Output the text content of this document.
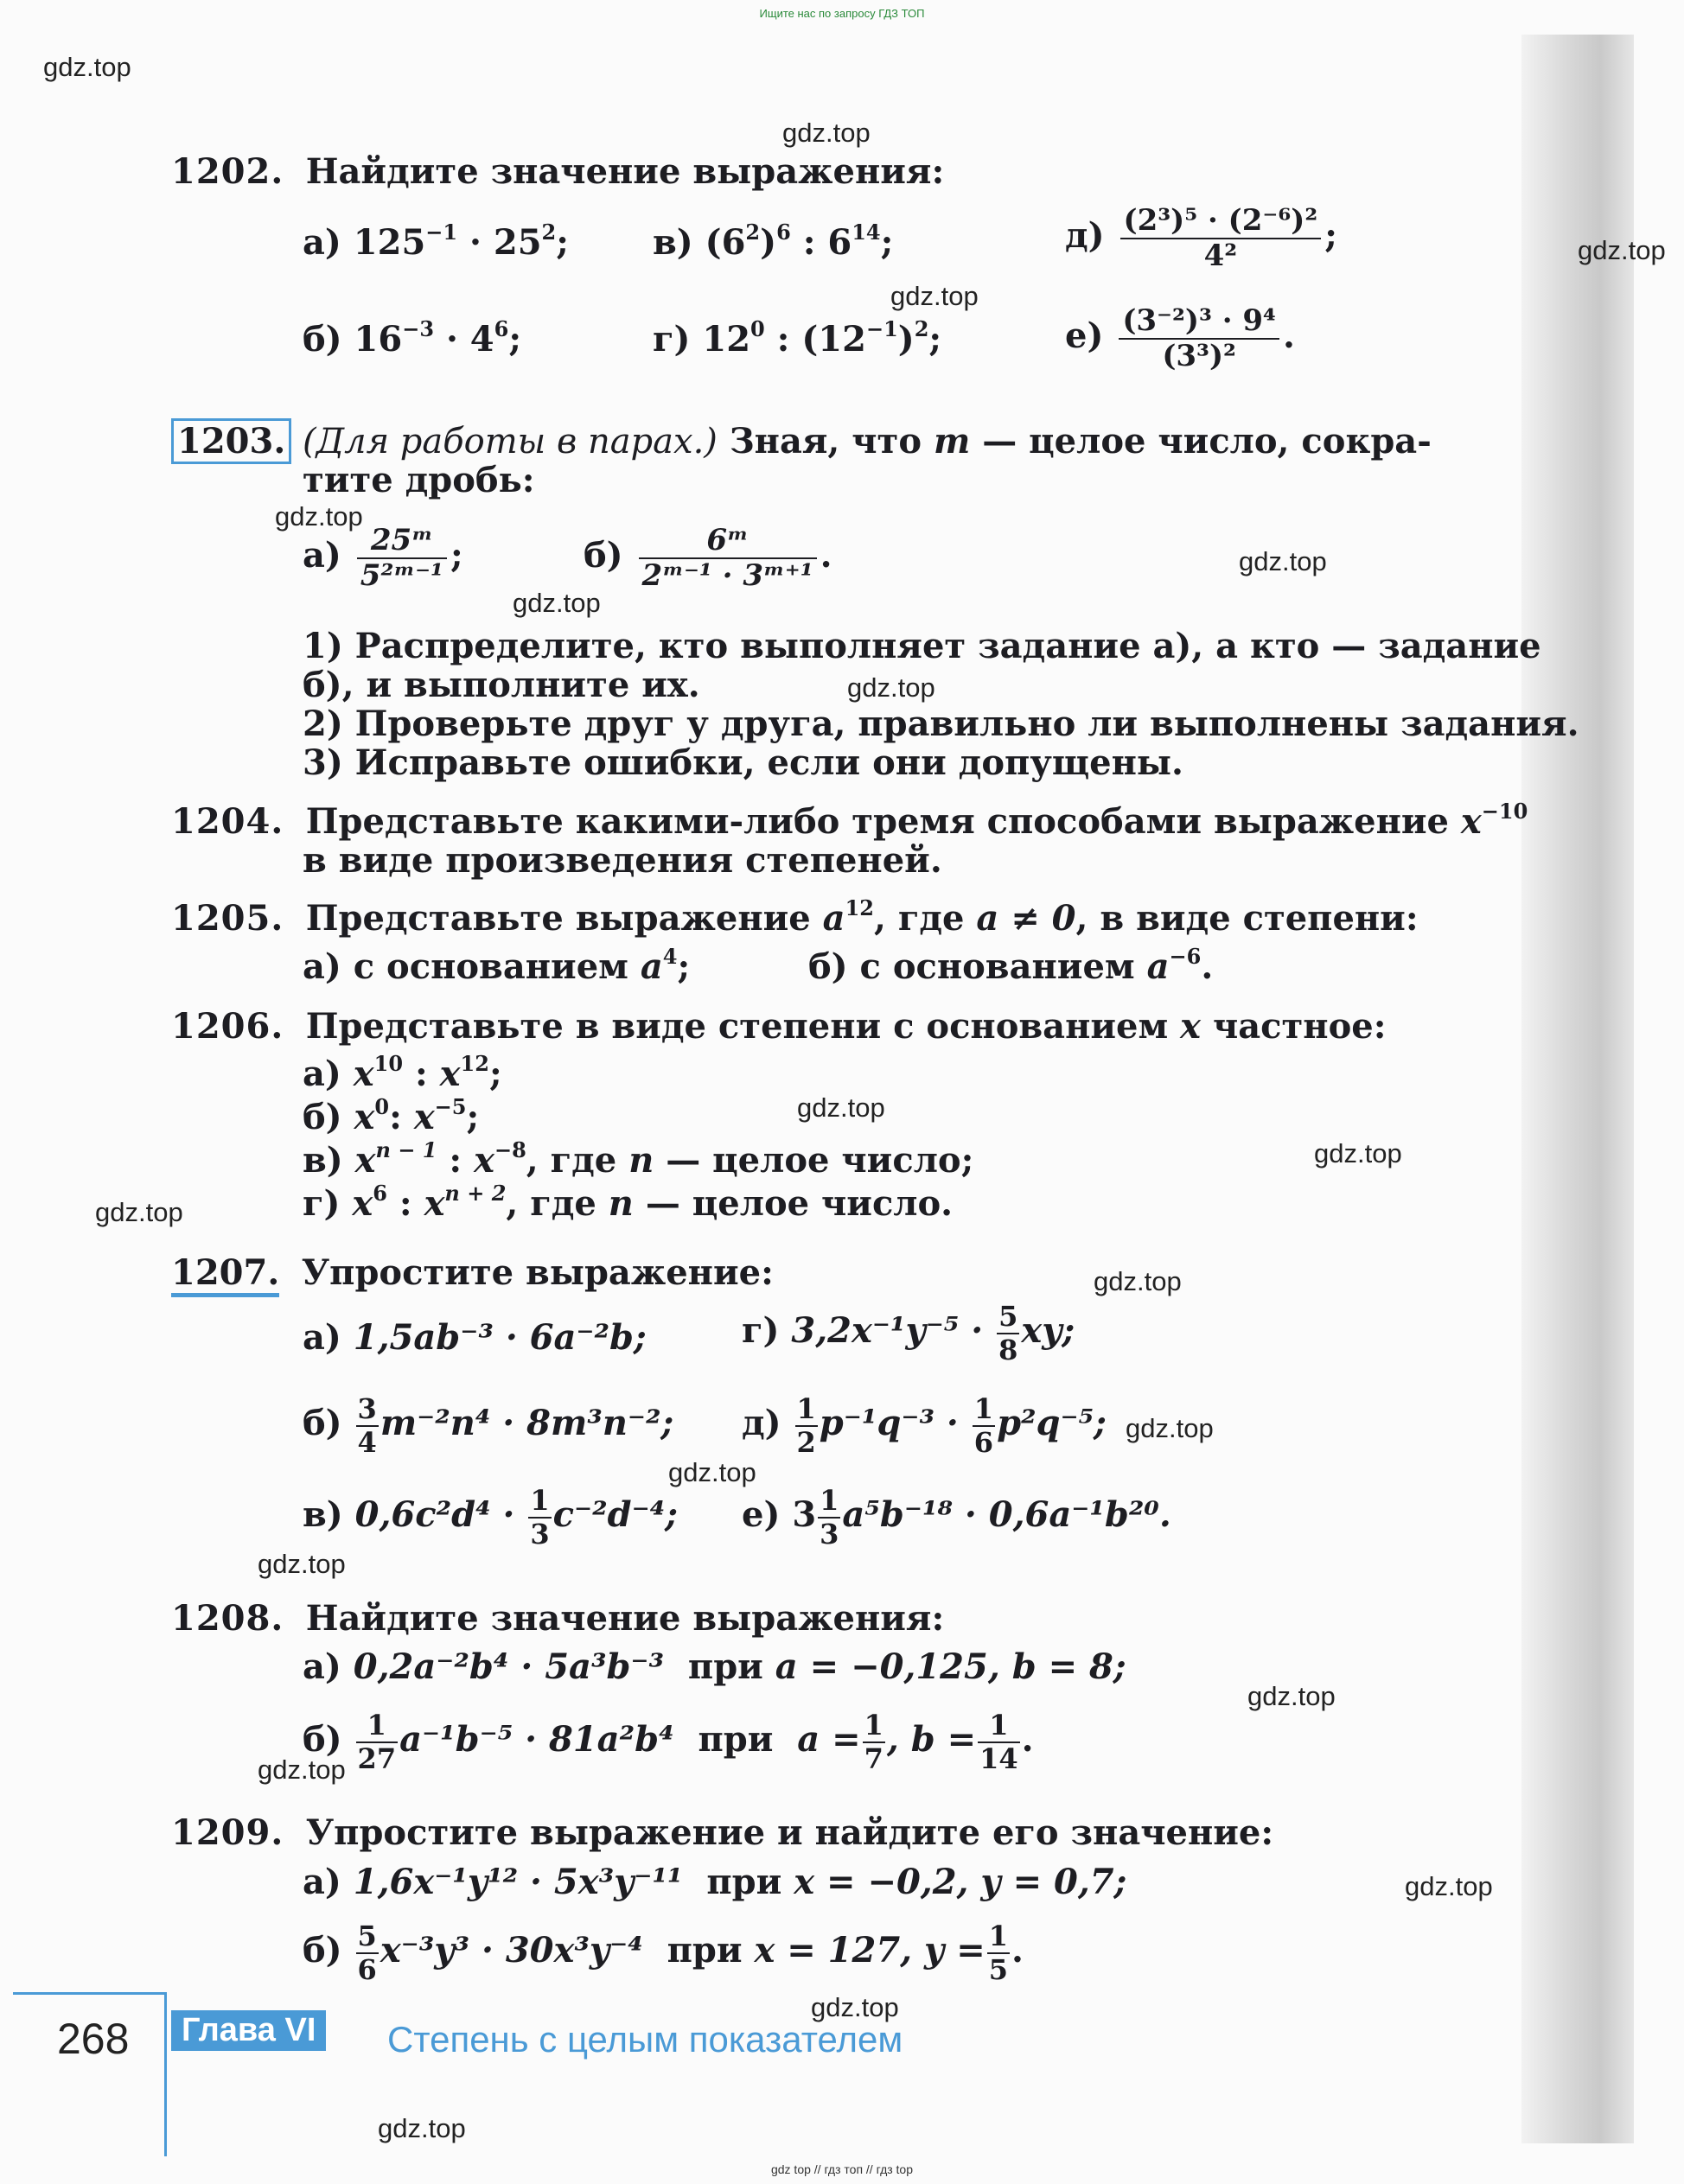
Ищите нас по запросу ГДЗ ТОП
gdz.top
gdz.top
gdz.top
gdz.top
gdz.top
gdz.top
gdz.top
gdz.top
gdz.top
gdz.top
gdz.top
gdz.top
gdz.top
gdz.top
gdz.top
gdz.top
gdz.top
gdz.top
gdz.top
gdz.top
1202. Найдите значение выражения:
а) $125^{-1} \cdot 25^2$; в) $(6^2)^6$ : $6^{14}$;	$д) \frac{\text{(2³)⁵ · (2⁻⁶)²}}{\text{4²}}$ ;
б) $16^{-3} \cdot 4^6$;	г) $12^0$ : $(12^{-1})^2$;	$е) \frac{\text{(3⁻²)³ · 9⁴}}{\text{(3³)²}}$ .
1203. (Для работы в парах.) Зная, что m — целое число, сокра-
тите дробь:
$а) \frac{\text{25ᵐ}}{\text{5²ᵐ⁻¹}}$ ;	$б) \frac{\text{6ᵐ}}{\text{2ᵐ⁻¹ · 3ᵐ⁺¹}}$ .
1) Распределите, кто выполняет задание а), а кто — задание
б), и выполните их.
2) Проверьте друг у друга, правильно ли выполнены задания.
3) Исправьте ошибки, если они допущены.
1204. Представьте какими-либо тремя способами выражение $x^{-10}$
в виде произведения степеней.
1205. Представьте выражение $a^{12}$, где a ≠ 0, в виде степени:
а) с основанием $a^4$;	б) с основанием $a^{-6}$.
1206. Представьте в виде степени с основанием x частное:
а) $x^{10}$ : $x^{12}$;
б) $x^0$: $x^{-5}$;
в) $x^{n - 1}$ : $x^{-8}$, где n — целое число;
г) $x^6$ : $x^{n + 2}$, где n — целое число.
1207. Упростите выражение:
а) 1,5ab⁻³ · 6a⁻²b;	г) $3,2x^{-1}y^{-5} \cdot \frac{5}{8}$ xy;
$б) \frac{3}{4} m^{-2}n^4 \cdot 8m^3n^{-2}$; $д) \frac{1}{2} p^{-1}q^{-3} \cdot \frac{1}{6} p^2q^{-5}$;
в) $0,6c^2d^4 \cdot \frac{1}{3} c^{-2}d^{-4}$; е) $3 \frac{1}{3} a^5b^{-18} \cdot 0,6a^{-1}b^{20}$.
1208. Найдите значение выражения:
а) 0,2a⁻²b⁴ · 5a³b⁻³ при a = −0,125, b = 8;
$б) \frac{1}{27} a^{-1}b^{-5} \cdot 81a^2b^4$ при $a = \frac{1}{7}$ , $b = \frac{1}{14}$ .
1209. Упростите выражение и найдите его значение:
а) 1,6x⁻¹y¹² · 5x³y⁻¹¹ при x = −0,2, y = 0,7;
$б) \frac{5}{6} x^{-3}y^3 \cdot 30x^3y^{-4}$ при x = 127, $y = \frac{1}{5}$ .
268	Глава VI Степень с целым показателем
gdz top // гдз топ // гдз top
